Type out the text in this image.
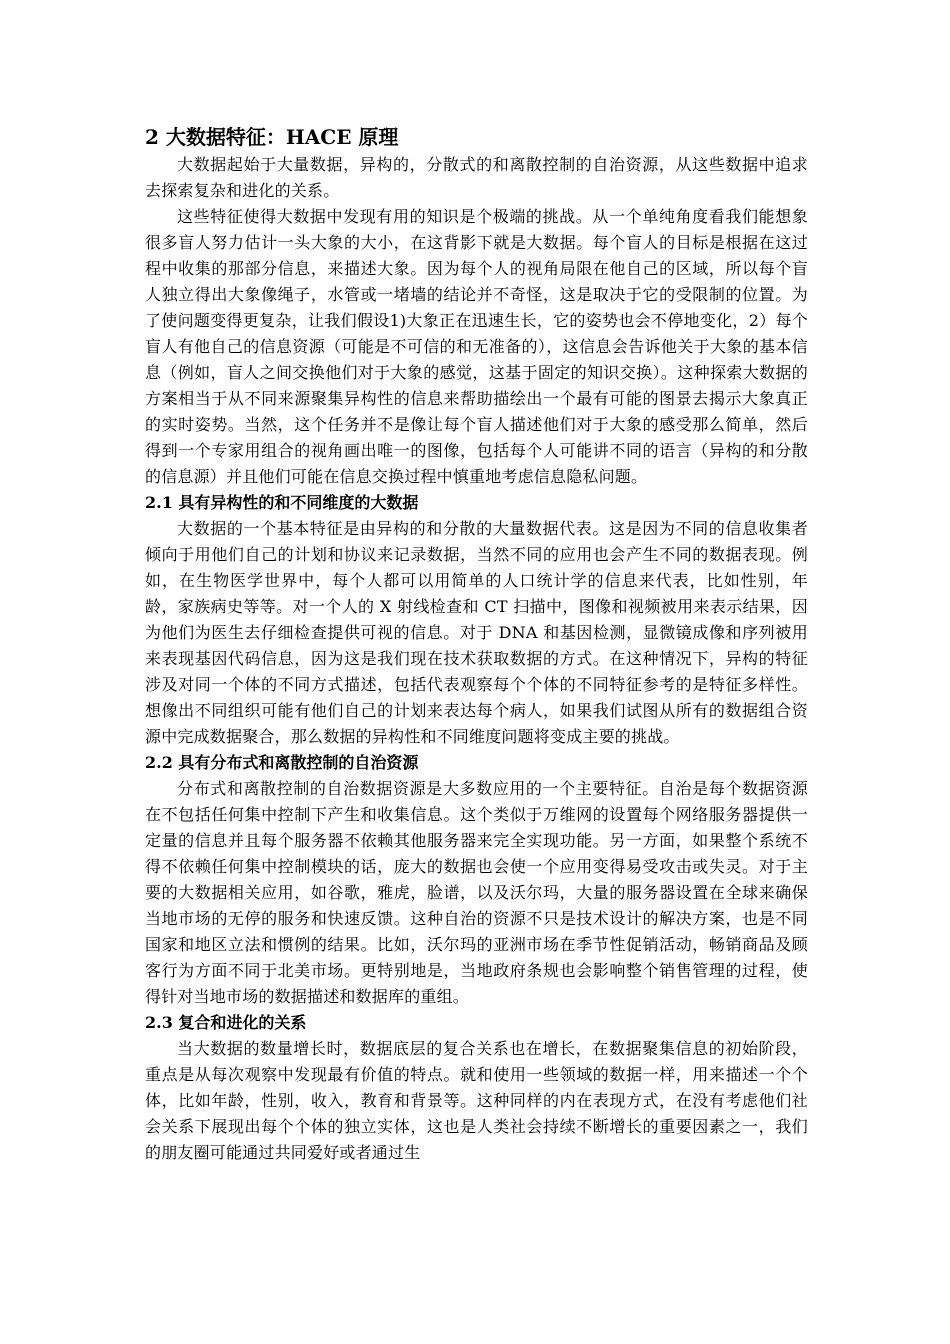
2 大数据特征：HACE 原理

大数据起始于大量数据，异构的，分散式的和离散控制的自治资源，从这些数据中追求去探索复杂和进化的关系。

这些特征使得大数据中发现有用的知识是个极端的挑战。从一个单纯角度看我们能想象很多盲人努力估计一头大象的大小，在这背影下就是大数据。每个盲人的目标是根据在这过程中收集的那部分信息，来描述大象。因为每个人的视角局限在他自己的区域，所以每个盲人独立得出大象像绳子，水管或一堵墙的结论并不奇怪，这是取决于它的受限制的位置。为了使问题变得更复杂，让我们假设1)大象正在迅速生长，它的姿势也会不停地变化，2）每个盲人有他自己的信息资源（可能是不可信的和无准备的），这信息会告诉他关于大象的基本信息（例如，盲人之间交换他们对于大象的感觉，这基于固定的知识交换）。这种探索大数据的方案相当于从不同来源聚集异构性的信息来帮助描绘出一个最有可能的图景去揭示大象真正的实时姿势。当然，这个任务并不是像让每个盲人描述他们对于大象的感受那么简单，然后得到一个专家用组合的视角画出唯一的图像，包括每个人可能讲不同的语言（异构的和分散的信息源）并且他们可能在信息交换过程中慎重地考虑信息隐私问题。

2.1 具有异构性的和不同维度的大数据

大数据的一个基本特征是由异构的和分散的大量数据代表。这是因为不同的信息收集者倾向于用他们自己的计划和协议来记录数据，当然不同的应用也会产生不同的数据表现。例如，在生物医学世界中，每个人都可以用简单的人口统计学的信息来代表，比如性别，年龄，家族病史等等。对一个人的 X 射线检查和 CT 扫描中，图像和视频被用来表示结果，因为他们为医生去仔细检查提供可视的信息。对于 DNA 和基因检测，显微镜成像和序列被用来表现基因代码信息，因为这是我们现在技术获取数据的方式。在这种情况下，异构的特征涉及对同一个体的不同方式描述，包括代表观察每个个体的不同特征参考的是特征多样性。想像出不同组织可能有他们自己的计划来表达每个病人，如果我们试图从所有的数据组合资源中完成数据聚合，那么数据的异构性和不同维度问题将变成主要的挑战。

2.2 具有分布式和离散控制的自治资源

分布式和离散控制的自治数据资源是大多数应用的一个主要特征。自治是每个数据资源在不包括任何集中控制下产生和收集信息。这个类似于万维网的设置每个网络服务器提供一定量的信息并且每个服务器不依赖其他服务器来完全实现功能。另一方面，如果整个系统不得不依赖任何集中控制模块的话，庞大的数据也会使一个应用变得易受攻击或失灵。对于主要的大数据相关应用，如谷歌，雅虎，脸谱，以及沃尔玛，大量的服务器设置在全球来确保当地市场的无停的服务和快速反馈。这种自治的资源不只是技术设计的解决方案，也是不同国家和地区立法和惯例的结果。比如，沃尔玛的亚洲市场在季节性促销活动，畅销商品及顾客行为方面不同于北美市场。更特别地是，当地政府条规也会影响整个销售管理的过程，使得针对当地市场的数据描述和数据库的重组。

2.3 复合和进化的关系

当大数据的数量增长时，数据底层的复合关系也在增长，在数据聚集信息的初始阶段，重点是从每次观察中发现最有价值的特点。就和使用一些领域的数据一样，用来描述一个个体，比如年龄，性别，收入，教育和背景等。这种同样的内在表现方式，在没有考虑他们社会关系下展现出每个个体的独立实体，这也是人类社会持续不断增长的重要因素之一，我们的朋友圈可能通过共同爱好或者通过生
